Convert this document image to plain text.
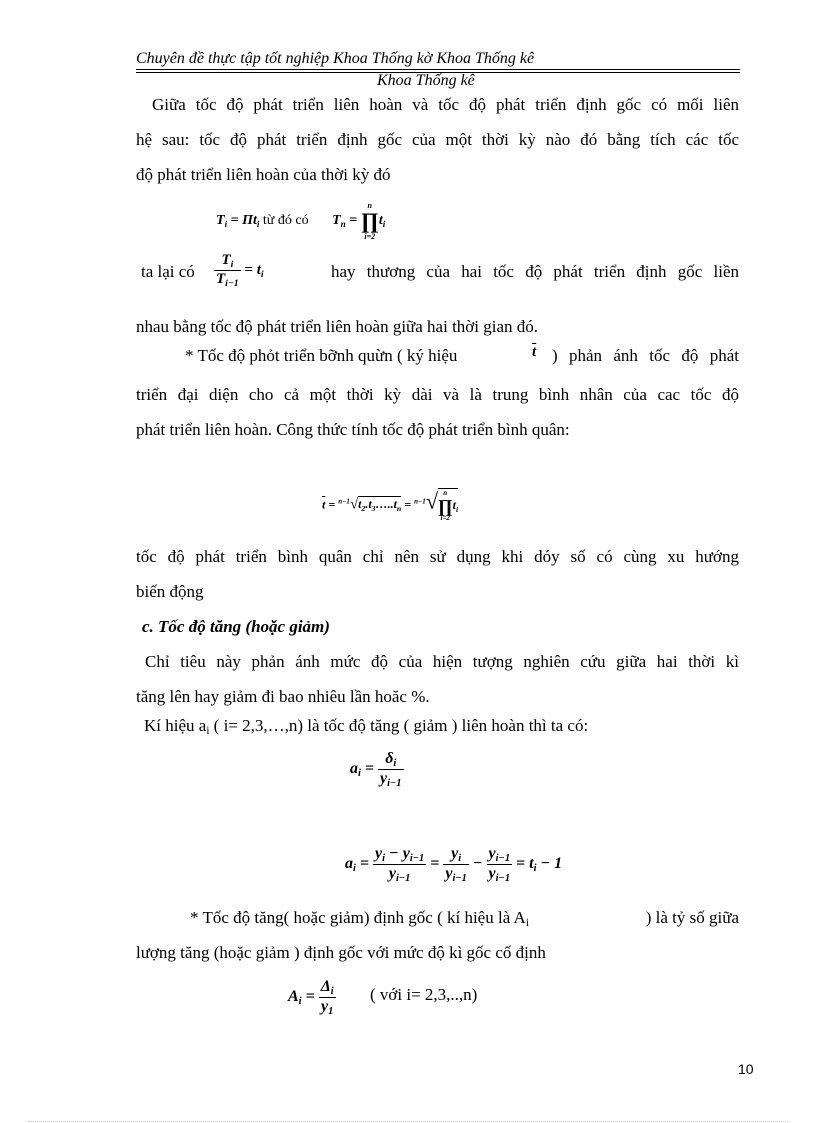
Chuyên đề thực tập tốt nghiệp Khoa Thống kờ Khoa Thống kê
Khoa Thống kê
Giữa tốc độ phát triển liên hoàn và tốc độ phát triển định gốc có mối liên
hệ sau: tốc độ phát triển định gốc của một thời kỳ nào đó bằng tích các tốc
độ phát triển liên hoàn của thời kỳ đó
$T_i = \Pi t_i$ từ đó có $T_n$ =
n
∏
i=2
$t_i$
ta lại có $\frac{T_i}{T_{i-1}} = t_i$	hay thương của hai tốc độ phát triển định gốc liền
nhau bằng tốc độ phát triển liên hoàn giữa hai thời gian đó.
* Tốc độ phỏt triển bỡnh quừn ( ký hiệu	$\overline{t}$ ) phản ánh tốc độ phát
triển đại diện cho cả một thời kỳ dài và là trung bình nhân của cac tốc độ
phát triển liên hoàn. Công thức tính tốc độ phát triển bình quân:
$\overline{t}$ = $^{n-1}√t_2.t_3\dots..t_n = ^{n-1}√$ n
∏
i=2
$t_i$
tốc độ phát triển bình quân chỉ nên sử dụng khi dóy số có cùng xu hướng
biến động
c. Tốc độ tăng (hoặc giảm)
Chỉ tiêu này phản ánh mức độ của hiện tượng nghiên cứu giữa hai thời kì
tăng lên hay giảm đi bao nhiêu lần hoăc %.
Kí hiệu $a_i$ ( i= 2,3,…,n) là tốc độ tăng ( giảm ) liên hoàn thì ta có:
$a_i = \frac{\delta_i}{y_{i-1}}$
$a_i = \frac{y_i - y_{i-1}}{y_{i-1}} = \frac{y_i}{y_{i-1}} - \frac{y_{i-1}}{y_{i-1}} = t_i - 1$
* Tốc độ tăng( hoặc giảm) định gốc ( kí hiệu là $A_i$	) là tỷ số giữa
lượng tăng (hoặc giảm ) định gốc với mức độ kì gốc cố định
$A_i = \frac{\Delta_i}{y_1}$ ( với i= 2,3,..,n)
10
